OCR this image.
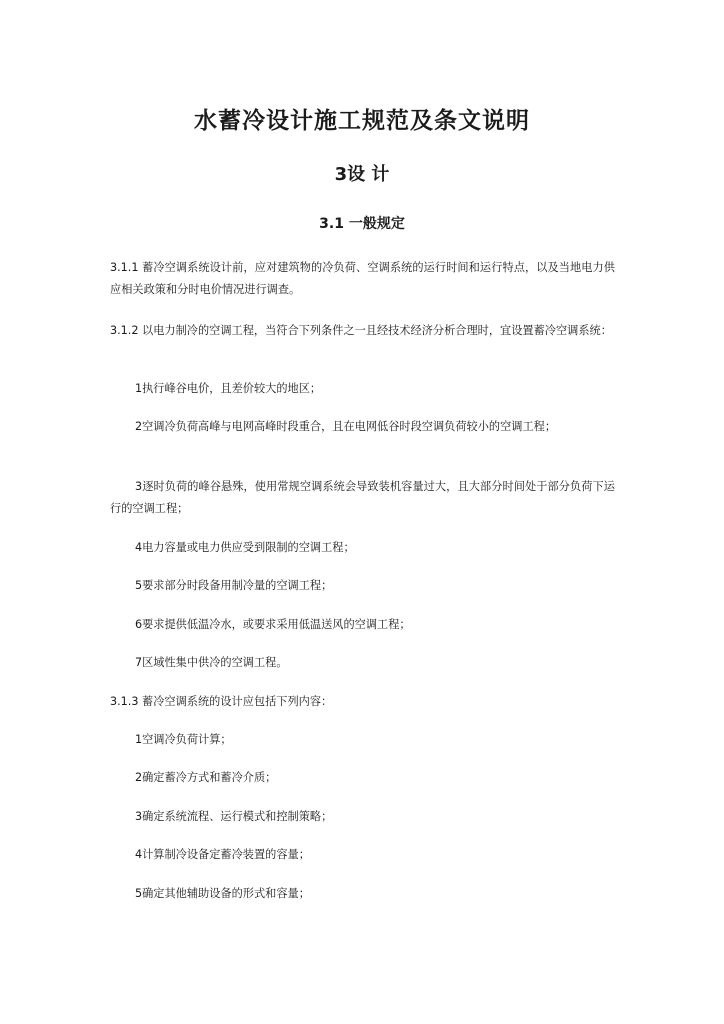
水蓄冷设计施工规范及条文说明
3设 计
3.1 一般规定

3.1.1 蓄冷空调系统设计前，应对建筑物的冷负荷、空调系统的运行时间和运行特点，以及当地电力供应相关政策和分时电价情况进行调查。

3.1.2 以电力制冷的空调工程，当符合下列条件之一且经技术经济分析合理时，宜设置蓄冷空调系统：

1执行峰谷电价，且差价较大的地区；

2空调冷负荷高峰与电网高峰时段重合，且在电网低谷时段空调负荷较小的空调工程；

3逐时负荷的峰谷悬殊，使用常规空调系统会导致装机容量过大，且大部分时间处于部分负荷下运行的空调工程；

4电力容量或电力供应受到限制的空调工程；

5要求部分时段备用制冷量的空调工程；

6要求提供低温冷水，或要求采用低温送风的空调工程；

7区域性集中供冷的空调工程。

3.1.3 蓄冷空调系统的设计应包括下列内容：

1空调冷负荷计算；

2确定蓄冷方式和蓄冷介质；

3确定系统流程、运行模式和控制策略；

4计算制冷设备定蓄冷装置的容量；

5确定其他辅助设备的形式和容量；
